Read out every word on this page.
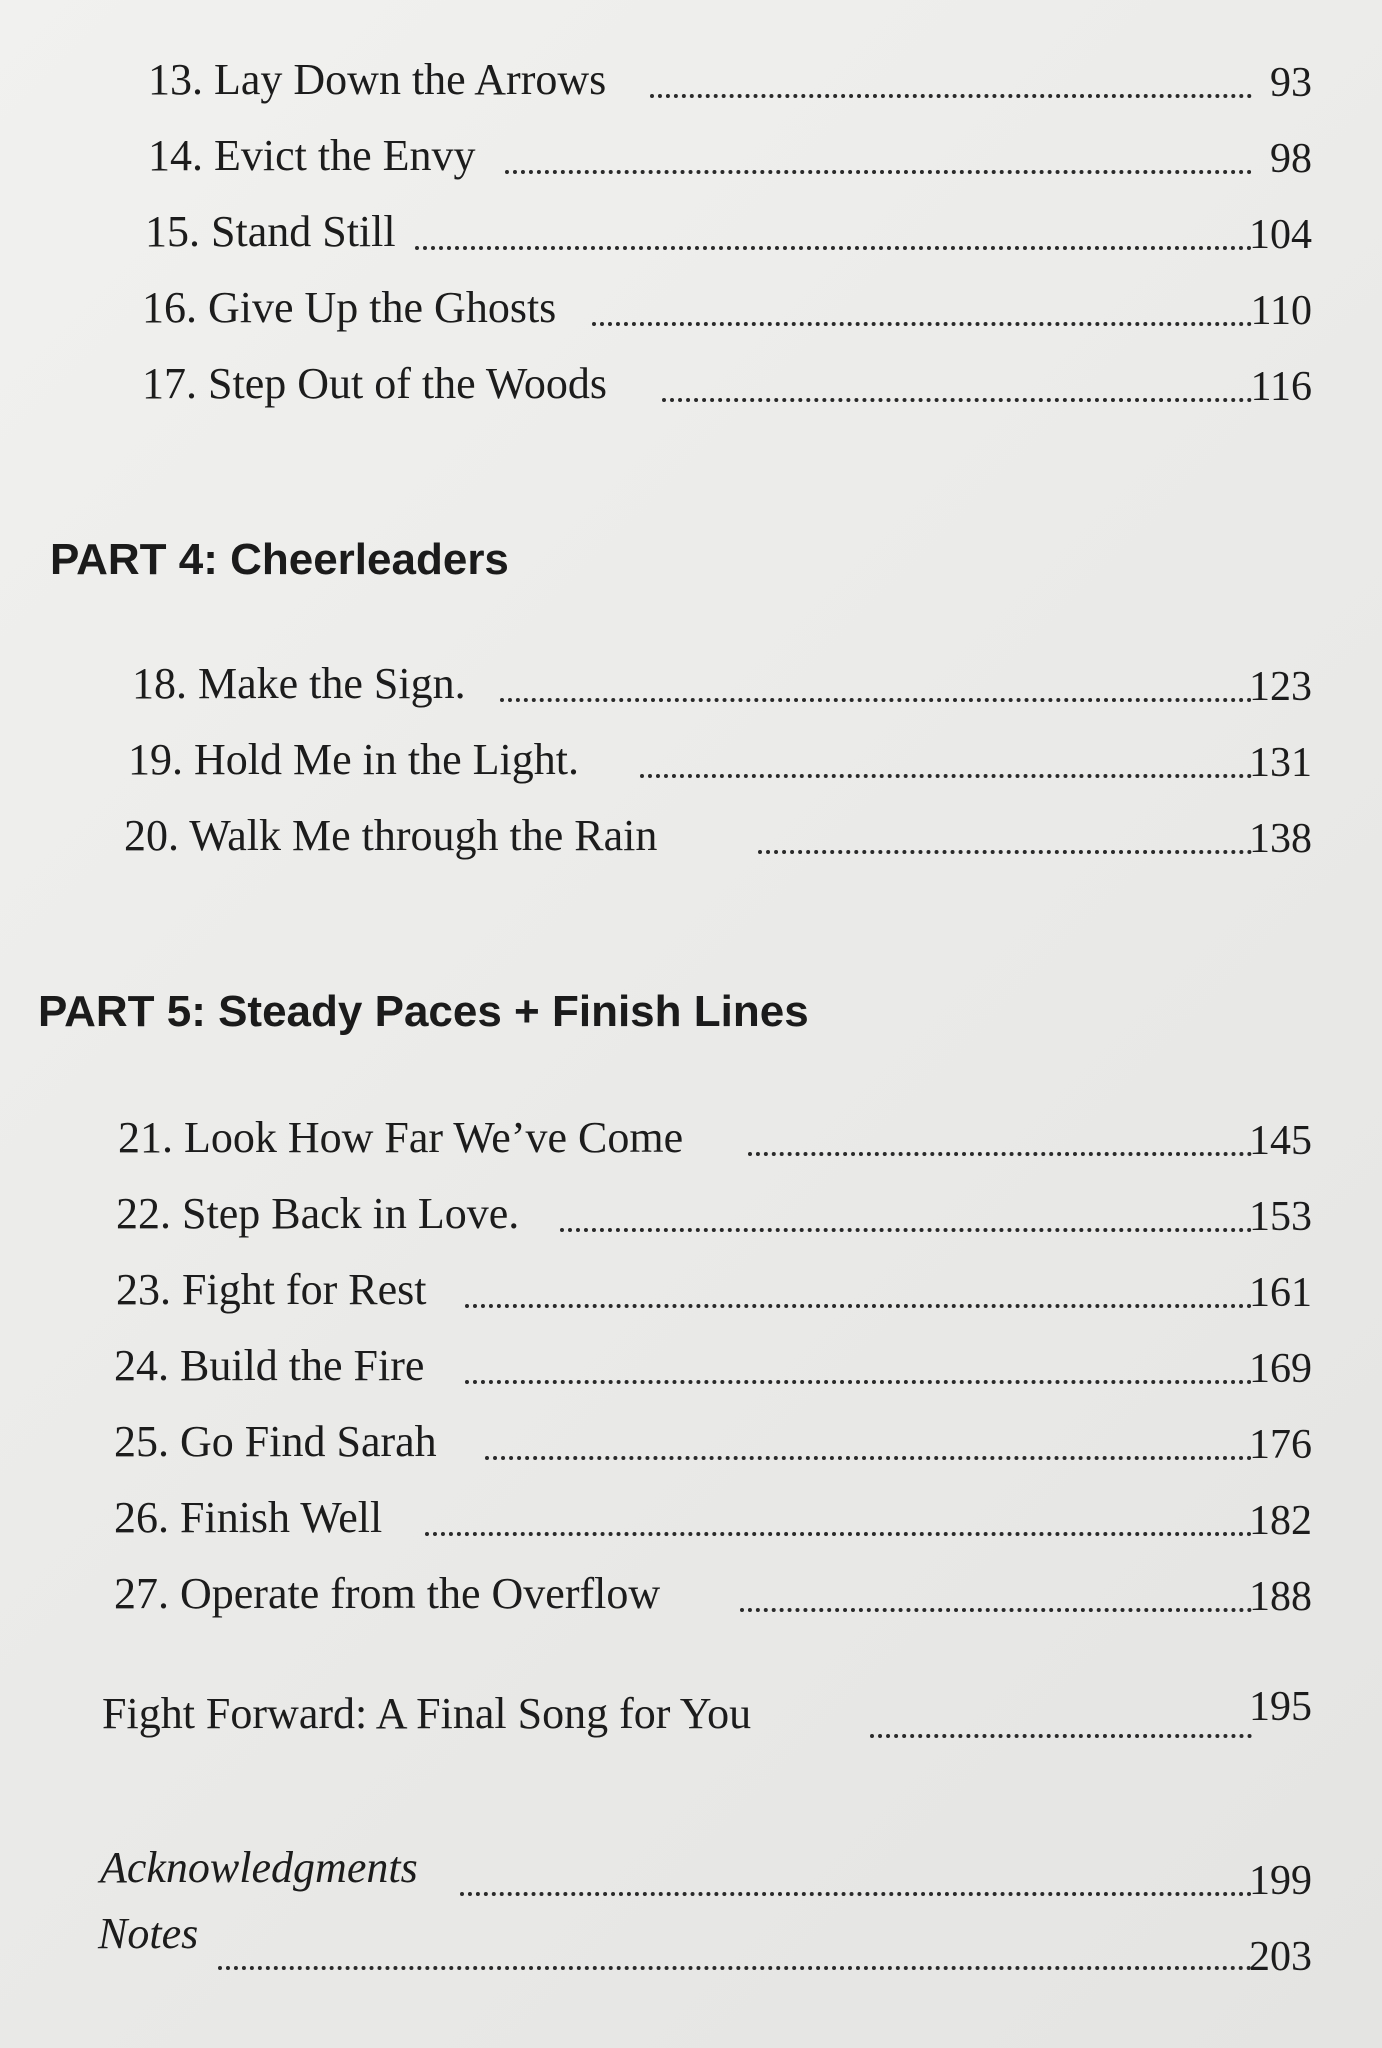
13. Lay Down the Arrows	93
14. Evict the Envy	98
15. Stand Still	104
16. Give Up the Ghosts	110
17. Step Out of the Woods	116
PART 4: Cheerleaders
18. Make the Sign.	123
19. Hold Me in the Light.	131
20. Walk Me through the Rain	138
PART 5: Steady Paces + Finish Lines
21. Look How Far We’ve Come	145
22. Step Back in Love.	153
23. Fight for Rest	161
24. Build the Fire	169
25. Go Find Sarah	176
26. Finish Well	182
27. Operate from the Overflow	188
Fight Forward: A Final Song for You	195
Acknowledgments	199
Notes	203
